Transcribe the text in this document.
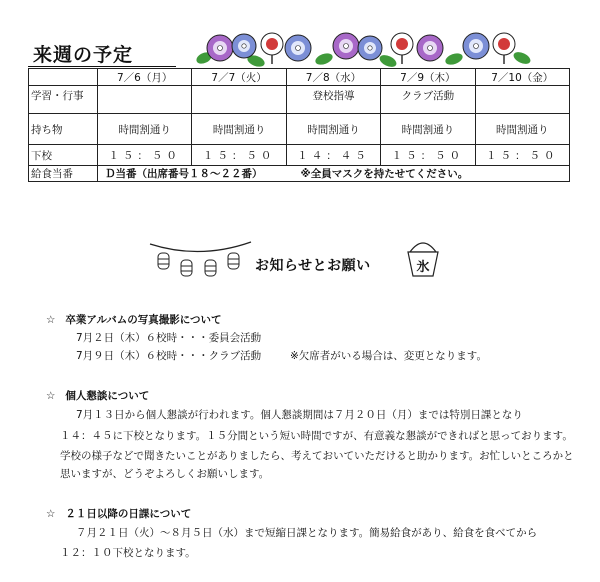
来週の予定
	7／6（月）	7／7（火）	7／8（水）	7／9（木）	7／10（金）
学習・行事			登校指導	クラブ活動	
持ち物	時間割通り	時間割通り	時間割通り	時間割通り	時間割通り
下校	１５：５０	１５：５０	１４：４５	１５：５０	１５：５０
給食当番	Ｄ当番（出席番号１８～２２番） ※全員マスクを持たせてください。				
お知らせとお願い	氷
☆ 卒業アルバムの写真撮影について
7月２日（木）６校時・・・委員会活動
7月９日（木）６校時・・・クラブ活動	※欠席者がいる場合は、変更となります。
☆ 個人懇談について
7月１３日から個人懇談が行われます。個人懇談期間は７月２０日（月）までは特別日課となり
１４：４５に下校となります。１５分間という短い時間ですが、有意義な懇談ができればと思っております。
学校の様子などで聞きたいことがありましたら、考えておいていただけると助かります。お忙しいところかと
思いますが、どうぞよろしくお願いします。
☆ ２１日以降の日課について
７月２１日（火）～８月５日（水）まで短縮日課となります。簡易給食があり、給食を食べてから
１２：１０下校となります。
